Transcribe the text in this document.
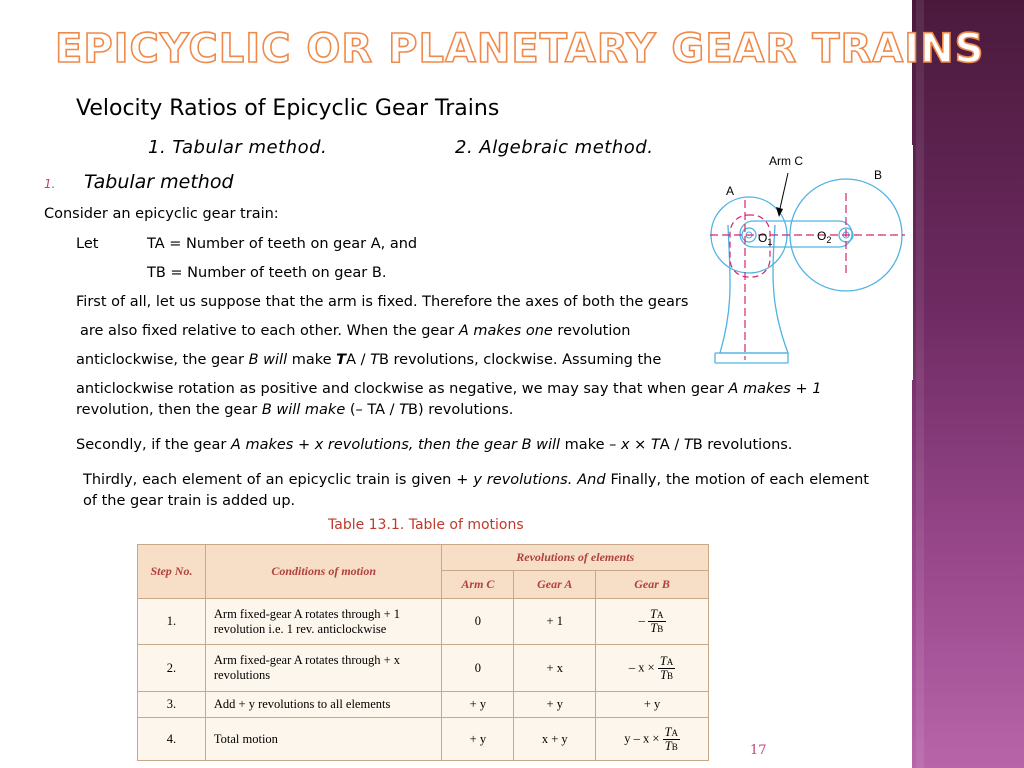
EPICYCLIC OR PLANETARY GEAR TRAINS
Velocity Ratios of Epicyclic Gear Trains
1. Tabular method.	2. Algebraic method.
1. Tabular method
Consider an epicyclic gear train:
Let	TA = Number of teeth on gear A, and
TB = Number of teeth on gear B.
First of all, let us suppose that the arm is fixed. Therefore the axes of both the gears
are also fixed relative to each other. When the gear A makes one revolution
anticlockwise, the gear B will make TA / TB revolutions, clockwise. Assuming the
anticlockwise rotation as positive and clockwise as negative, we may say that when gear A makes + 1
revolution, then the gear B will make (– TA / TB) revolutions.
Secondly, if the gear A makes + x revolutions, then the gear B will make – x × TA / TB revolutions.
Thirdly, each element of an epicyclic train is given + y revolutions. And Finally, the motion of each element of the gear train is added up.
Arm C
A
B
$O_1$	$O_2$
Table 13.1. Table of motions
Step No.	Conditions of motion	Revolutions of elements		
		Arm C	Gear A	Gear B
1.	Arm fixed-gear A rotates through + 1 revolution i.e. 1 rev. anticlockwise	0	+ 1	– $\frac{TA}{TB}$

2.	Arm fixed-gear A rotates through + x revolutions	0	+ x	– $x \times \frac{TA}{TB}$

3.	Add + y revolutions to all elements	+ y	+ y	+ y
4.	Total motion	+ y	x + y	$y - x \times \frac{TA}{TB}$	17
